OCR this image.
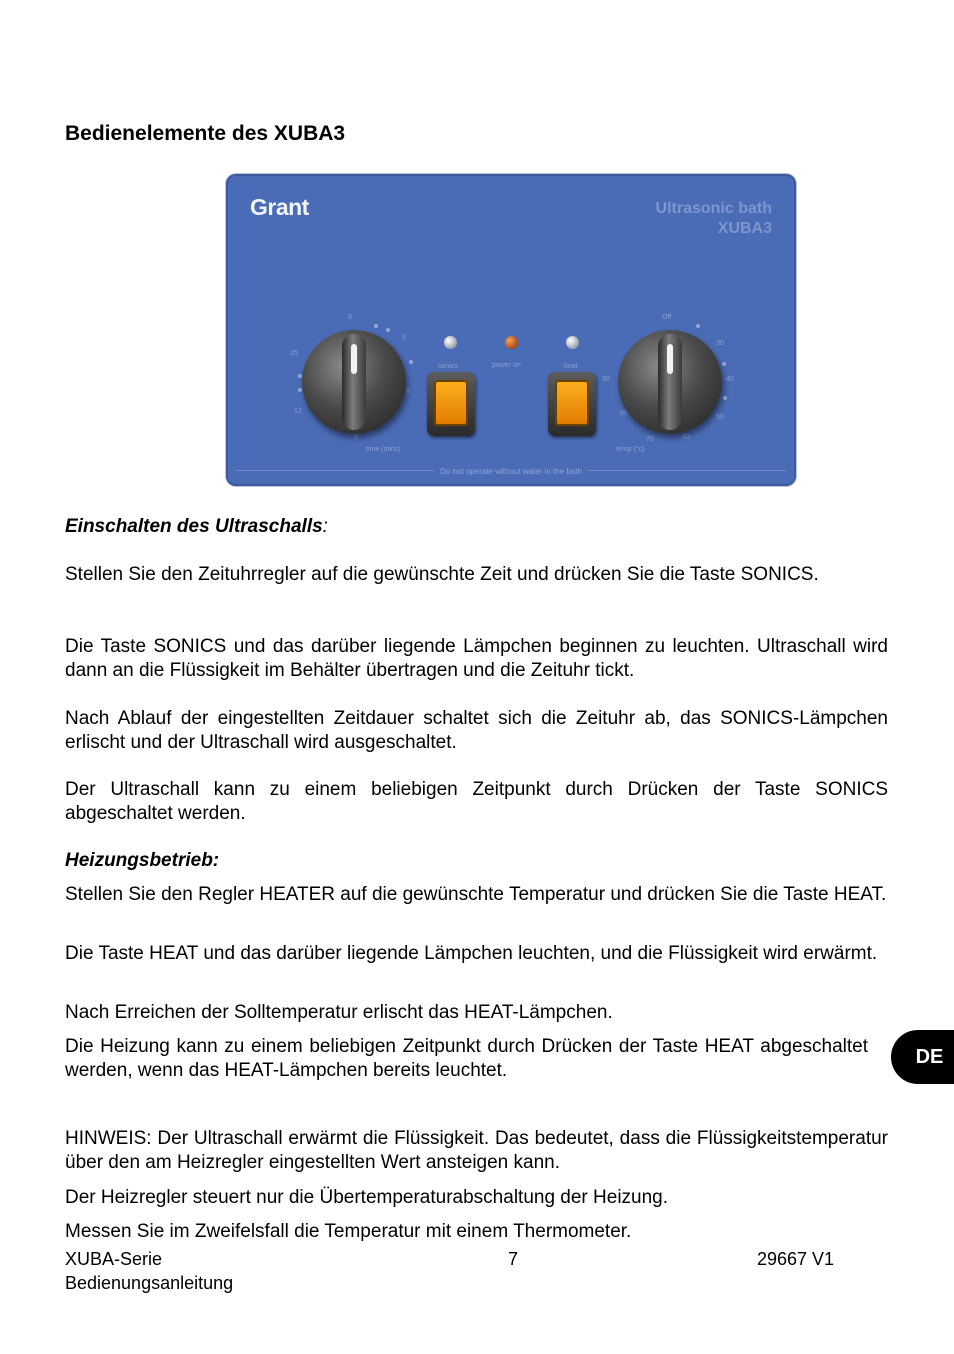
Bedienelemente des XUBA3
Grant	Ultrasonic bath
XUBA3
0
3
6
9
12
15
time (mins)
sonics	power on	heat
Off
30
40
50
60
70
80
90
temp (°c)
Do not operate without water in the bath

Einschalten des Ultraschalls:

Stellen Sie den Zeituhrregler auf die gewünschte Zeit und drücken Sie die Taste SONICS.

Die Taste SONICS und das darüber liegende Lämpchen beginnen zu leuchten. Ultraschall wird dann an die Flüssigkeit im Behälter übertragen und die Zeituhr tickt.

Nach Ablauf der eingestellten Zeitdauer schaltet sich die Zeituhr ab, das SONICS-Lämpchen erlischt und der Ultraschall wird ausgeschaltet.

Der Ultraschall kann zu einem beliebigen Zeitpunkt durch Drücken der Taste SONICS abgeschaltet werden.

Heizungsbetrieb:

Stellen Sie den Regler HEATER auf die gewünschte Temperatur und drücken Sie die Taste HEAT.

Die Taste HEAT und das darüber liegende Lämpchen leuchten, und die Flüssigkeit wird erwärmt.

Nach Erreichen der Solltemperatur erlischt das HEAT-Lämpchen.

Die Heizung kann zu einem beliebigen Zeitpunkt durch Drücken der Taste HEAT abgeschaltet werden, wenn das HEAT-Lämpchen bereits leuchtet.

DE

HINWEIS: Der Ultraschall erwärmt die Flüssigkeit. Das bedeutet, dass die Flüssigkeitstemperatur über den am Heizregler eingestellten Wert ansteigen kann.

Der Heizregler steuert nur die Übertemperaturabschaltung der Heizung.

Messen Sie im Zweifelsfall die Temperatur mit einem Thermometer.

XUBA-Serie

Bedienungsanleitung

7	29667 V1
